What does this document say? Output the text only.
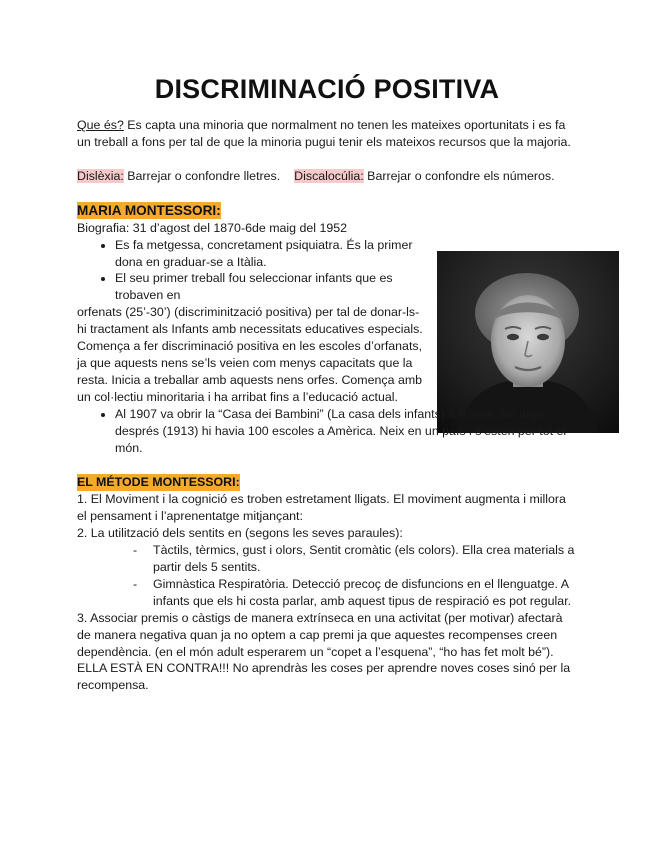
DISCRIMINACIÓ POSITIVA

Que és? Es capta una minoria que normalment no tenen les mateixes oportunitats i es fa un treball a fons per tal de que la minoria pugui tenir els mateixos recursos que la majoria.

Dislèxia: Barrejar o confondre lletres. Discalocúlia: Barrejar o confondre els números.

MARIA MONTESSORI:

Biografia: 31 d’agost del 1870-6de maig del 1952

• Es fa metgessa, concretament psiquiatra. És la primer dona en graduar-se a Itàlia.
• El seu primer treball fou seleccionar infants que es trobaven en

orfenats (25’-30’) (discriminització positiva) per tal de donar-ls-hi tractament als Infants amb necessitats educatives especials. Comença a fer discriminació positiva en les escoles d’orfanats, ja que aquests nens se’ls veien com menys capacitats que la resta. Inicia a treballar amb aquests nens orfes. Comença amb un col·lectiu minoritaria i ha arribat fins a l’educació actual.

• Al 1907 va obrir la “Casa dei Bambini” (La casa dels infants) a Roma. Sis anys després (1913) hi havia 100 escoles a Amèrica. Neix en un país i s’estén per tot el món.
EL MÉTODE MONTESSORI:

1. El Moviment i la cognició es troben estretament lligats. El moviment augmenta i millora el pensament i l’aprenentatge mitjançant:

2. La utilització dels sentits en (segons les seves paraules):

- Tàctils, tèrmics, gust i olors, Sentit cromàtic (els colors). Ella crea materials a partir dels 5 sentits.
- Gimnàstica Respiratòria. Detecció precoç de disfuncions en el llenguatge. A infants que els hi costa parlar, amb aquest tipus de respiració es pot regular.

3. Associar premis o càstigs de manera extrínseca en una activitat (per motivar) afectarà de manera negativa quan ja no optem a cap premi ja que aquestes recompenses creen dependència. (en el món adult esperarem un “copet a l’esquena”, “ho has fet molt bé”). ELLA ESTÀ EN CONTRA!!! No aprendràs les coses per aprendre noves coses sinó per la recompensa.
